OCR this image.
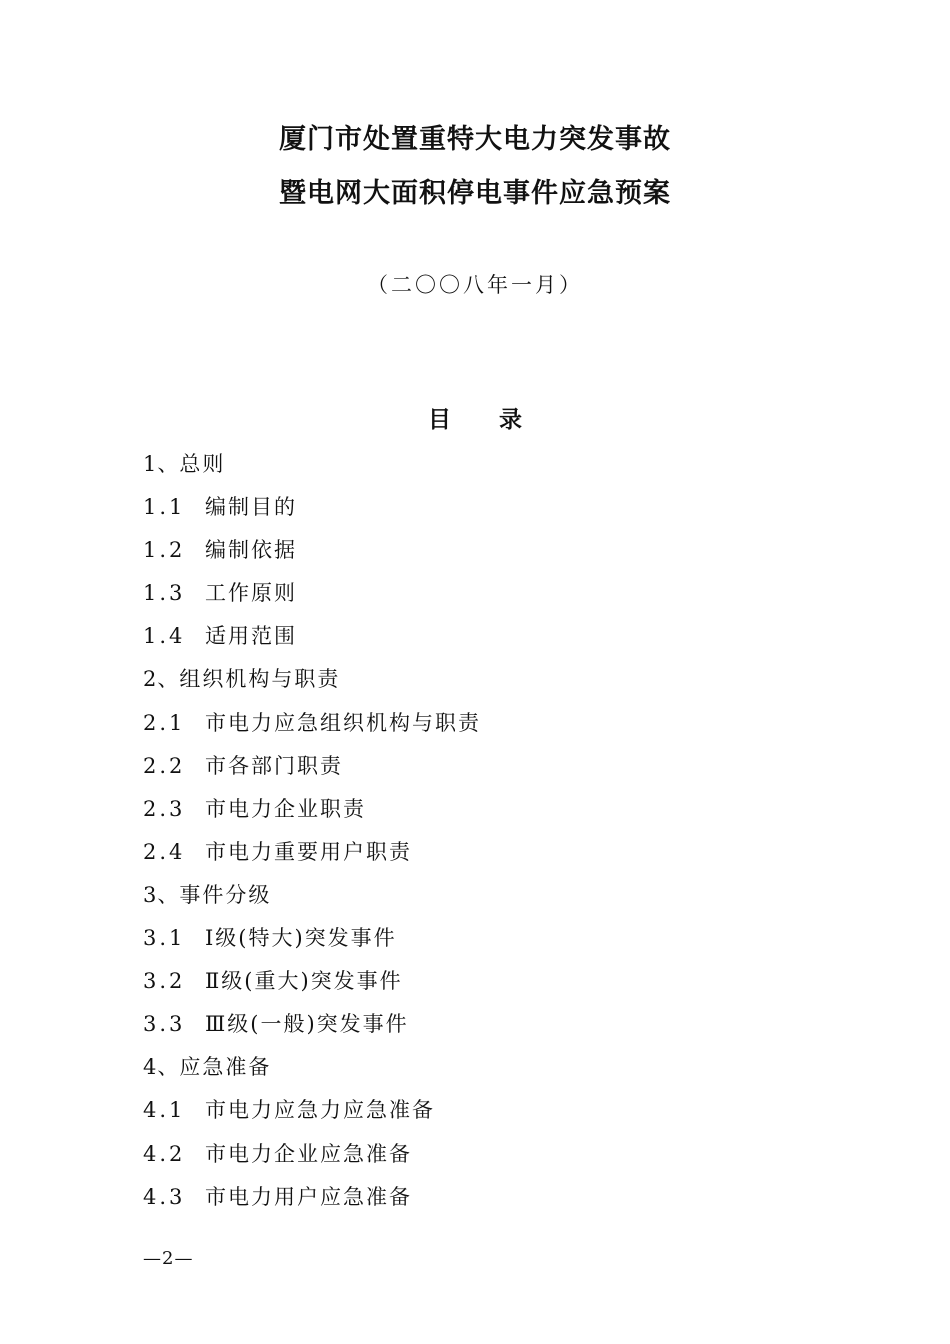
厦门市处置重特大电力突发事故
暨电网大面积停电事件应急预案
（二〇〇八年一月）
目 录
1、总则
1.1 编制目的
1.2 编制依据
1.3 工作原则
1.4 适用范围
2、组织机构与职责
2.1 市电力应急组织机构与职责
2.2 市各部门职责
2.3 市电力企业职责
2.4 市电力重要用户职责
3、事件分级
3.1 Ⅰ级(特大)突发事件
3.2 Ⅱ级(重大)突发事件
3.3 Ⅲ级(一般)突发事件
4、应急准备
4.1 市电力应急力应急准备
4.2 市电力企业应急准备
4.3 市电力用户应急准备
—2—
